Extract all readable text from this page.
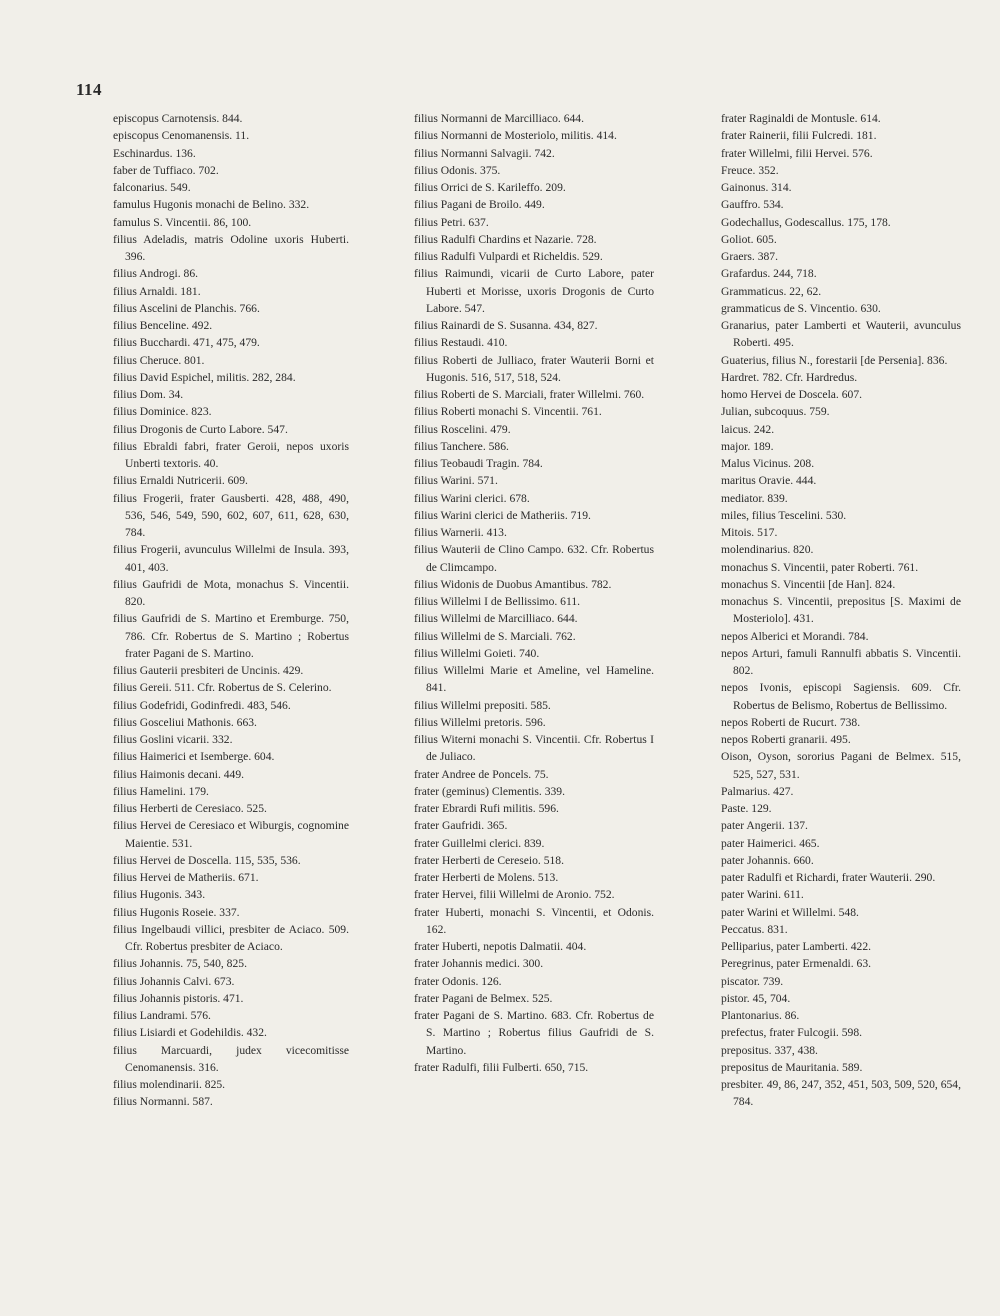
114

episcopus Carnotensis. 844.

episcopus Cenomanensis. 11.

Eschinardus. 136.

faber de Tuffiaco. 702.

falconarius. 549.

famulus Hugonis monachi de Belino. 332.

famulus S. Vincentii. 86, 100.

filius Adeladis, matris Odoline uxoris Huberti. 396.

filius Androgi. 86.

filius Arnaldi. 181.

filius Ascelini de Planchis. 766.

filius Benceline. 492.

filius Bucchardi. 471, 475, 479.

filius Cheruce. 801.

filius David Espichel, militis. 282, 284.

filius Dom. 34.

filius Dominice. 823.

filius Drogonis de Curto Labore. 547.

filius Ebraldi fabri, frater Geroii, nepos uxoris Unberti textoris. 40.

filius Ernaldi Nutricerii. 609.

filius Frogerii, frater Gausberti. 428, 488, 490, 536, 546, 549, 590, 602, 607, 611, 628, 630, 784.

filius Frogerii, avunculus Willelmi de Insula. 393, 401, 403.

filius Gaufridi de Mota, monachus S. Vincentii. 820.

filius Gaufridi de S. Martino et Eremburge. 750, 786. Cfr. Robertus de S. Martino ; Robertus frater Pagani de S. Martino.

filius Gauterii presbiteri de Uncinis. 429.

filius Gereii. 511. Cfr. Robertus de S. Celerino.

filius Godefridi, Godinfredi. 483, 546.

filius Gosceliui Mathonis. 663.

filius Goslini vicarii. 332.

filius Haimerici et Isemberge. 604.

filius Haimonis decani. 449.

filius Hamelini. 179.

filius Herberti de Ceresiaco. 525.

filius Hervei de Ceresiaco et Wiburgis, cognomine Maientie. 531.

filius Hervei de Doscella. 115, 535, 536.

filius Hervei de Matheriis. 671.

filius Hugonis. 343.

filius Hugonis Roseie. 337.

filius Ingelbaudi villici, presbiter de Aciaco. 509. Cfr. Robertus presbiter de Aciaco.

filius Johannis. 75, 540, 825.

filius Johannis Calvi. 673.

filius Johannis pistoris. 471.

filius Landrami. 576.

filius Lisiardi et Godehildis. 432.

filius Marcuardi, judex vicecomitisse Cenomanensis. 316.

filius molendinarii. 825.

filius Normanni. 587.

filius Normanni de Marcilliaco. 644.

filius Normanni de Mosteriolo, militis. 414.

filius Normanni Salvagii. 742.

filius Odonis. 375.

filius Orrici de S. Karileffo. 209.

filius Pagani de Broilo. 449.

filius Petri. 637.

filius Radulfi Chardins et Nazarie. 728.

filius Radulfi Vulpardi et Richeldis. 529.

filius Raimundi, vicarii de Curto Labore, pater Huberti et Morisse, uxoris Drogonis de Curto Labore. 547.

filius Rainardi de S. Susanna. 434, 827.

filius Restaudi. 410.

filius Roberti de Julliaco, frater Wauterii Borni et Hugonis. 516, 517, 518, 524.

filius Roberti de S. Marciali, frater Willelmi. 760.

filius Roberti monachi S. Vincentii. 761.

filius Roscelini. 479.

filius Tanchere. 586.

filius Teobaudi Tragin. 784.

filius Warini. 571.

filius Warini clerici. 678.

filius Warini clerici de Matheriis. 719.

filius Warnerii. 413.

filius Wauterii de Clino Campo. 632. Cfr. Robertus de Climcampo.

filius Widonis de Duobus Amantibus. 782.

filius Willelmi I de Bellissimo. 611.

filius Willelmi de Marcilliaco. 644.

filius Willelmi de S. Marciali. 762.

filius Willelmi Goieti. 740.

filius Willelmi Marie et Ameline, vel Hameline. 841.

filius Willelmi prepositi. 585.

filius Willelmi pretoris. 596.

filius Witerni monachi S. Vincentii. Cfr. Robertus I de Juliaco.

frater Andree de Poncels. 75.

frater (geminus) Clementis. 339.

frater Ebrardi Rufi militis. 596.

frater Gaufridi. 365.

frater Guillelmi clerici. 839.

frater Herberti de Cereseio. 518.

frater Herberti de Molens. 513.

frater Hervei, filii Willelmi de Aronio. 752.

frater Huberti, monachi S. Vincentii, et Odonis. 162.

frater Huberti, nepotis Dalmatii. 404.

frater Johannis medici. 300.

frater Odonis. 126.

frater Pagani de Belmex. 525.

frater Pagani de S. Martino. 683. Cfr. Robertus de S. Martino ; Robertus filius Gaufridi de S. Martino.

frater Radulfi, filii Fulberti. 650, 715.

frater Raginaldi de Montusle. 614.

frater Rainerii, filii Fulcredi. 181.

frater Willelmi, filii Hervei. 576.

Freuce. 352.

Gainonus. 314.

Gauffro. 534.

Godechallus, Godescallus. 175, 178.

Goliot. 605.

Graers. 387.

Grafardus. 244, 718.

Grammaticus. 22, 62.

grammaticus de S. Vincentio. 630.

Granarius, pater Lamberti et Wauterii, avunculus Roberti. 495.

Guaterius, filius N., forestarii [de Persenia]. 836.

Hardret. 782. Cfr. Hardredus.

homo Hervei de Doscela. 607.

Julian, subcoquus. 759.

laicus. 242.

major. 189.

Malus Vicinus. 208.

maritus Oravie. 444.

mediator. 839.

miles, filius Tescelini. 530.

Mitois. 517.

molendinarius. 820.

monachus S. Vincentii, pater Roberti. 761.

monachus S. Vincentii [de Han]. 824.

monachus S. Vincentii, prepositus [S. Maximi de Mosteriolo]. 431.

nepos Alberici et Morandi. 784.

nepos Arturi, famuli Rannulfi abbatis S. Vincentii. 802.

nepos Ivonis, episcopi Sagiensis. 609. Cfr. Robertus de Belismo, Robertus de Bellissimo.

nepos Roberti de Rucurt. 738.

nepos Roberti granarii. 495.

Oison, Oyson, sororius Pagani de Belmex. 515, 525, 527, 531.

Palmarius. 427.

Paste. 129.

pater Angerii. 137.

pater Haimerici. 465.

pater Johannis. 660.

pater Radulfi et Richardi, frater Wauterii. 290.

pater Warini. 611.

pater Warini et Willelmi. 548.

Peccatus. 831.

Pelliparius, pater Lamberti. 422.

Peregrinus, pater Ermenaldi. 63.

piscator. 739.

pistor. 45, 704.

Plantonarius. 86.

prefectus, frater Fulcogii. 598.

prepositus. 337, 438.

prepositus de Mauritania. 589.

presbiter. 49, 86, 247, 352, 451, 503, 509, 520, 654, 784.
